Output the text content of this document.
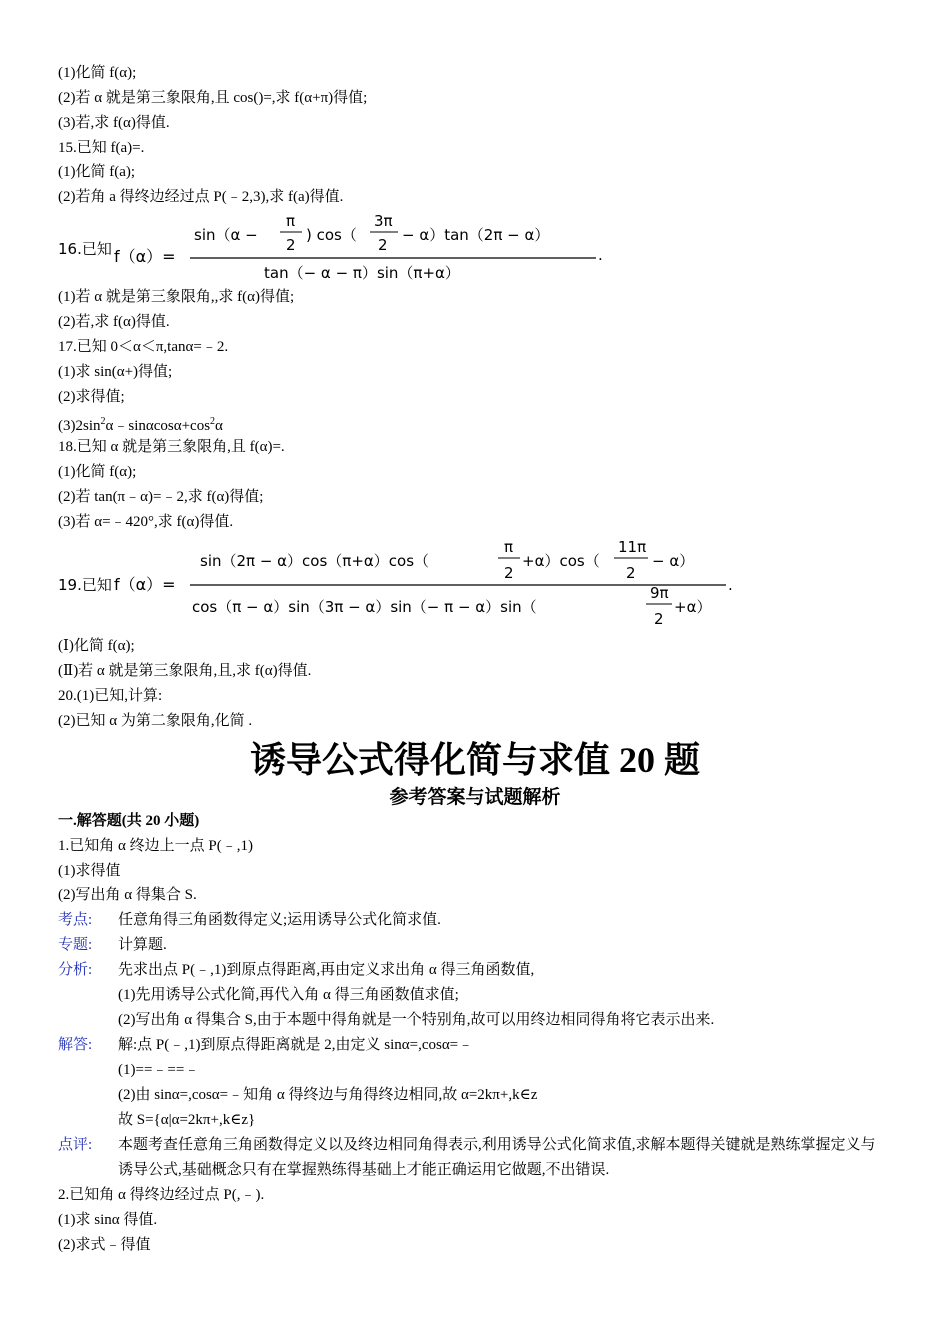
(1)化简 f(α);
(2)若 α 就是第三象限角,且 cos()=,求 f(α+π)得值;
(3)若,求 f(α)得值.
15.已知 f(a)=.
(1)化简 f(a);
(2)若角 a 得终边经过点 P(﹣2,3),求 f(a)得值.
16.已知 f（α）=
sin（α −
π
2
) cos（
3π
2
− α）tan（2π − α）
tan（− α − π）sin（π+α）
.
(1)若 α 就是第三象限角,,求 f(α)得值;
(2)若,求 f(α)得值.
17.已知 0＜α＜π,tanα=﹣2.
(1)求 sin(α+)得值;
(2)求得值;
$(3)2\sin^2\alpha﹣\sin\alpha\cos\alpha+\cos^2\alpha$
18.已知 α 就是第三象限角,且 f(α)=.
(1)化简 f(α);
(2)若 tan(π﹣α)=﹣2,求 f(α)得值;
(3)若 α=﹣420°,求 f(α)得值.
19.已知 f（α）=
sin（2π − α）cos（π+α）cos（
π
2
+α）cos（
11π
2
− α）
cos（π − α）sin（3π − α）sin（− π − α）sin（
9π
2
+α）
.
(Ⅰ)化简 f(α);
(Ⅱ)若 α 就是第三象限角,且,求 f(α)得值.
20.(1)已知,计算:
(2)已知 α 为第二象限角,化简 .
诱导公式得化简与求值 20 题
参考答案与试题解析
一.解答题(共 20 小题)
1.已知角 α 终边上一点 P(﹣,1)
(1)求得值
(2)写出角 α 得集合 S.
考点: 任意角得三角函数得定义;运用诱导公式化简求值.
专题: 计算题.
分析: 先求出点 P(﹣,1)到原点得距离,再由定义求出角 α 得三角函数值,
(1)先用诱导公式化简,再代入角 α 得三角函数值求值;
(2)写出角 α 得集合 S,由于本题中得角就是一个特别角,故可以用终边相同得角将它表示出来.
解答: 解:点 P(﹣,1)到原点得距离就是 2,由定义 sinα=,cosα=﹣
(1)==﹣==﹣
(2)由 sinα=,cosα=﹣知角 α 得终边与角得终边相同,故 α=2kπ+,k∈z
故 S={α|α=2kπ+,k∈z}
点评: 本题考查任意角三角函数得定义以及终边相同角得表示,利用诱导公式化简求值,求解本题得关键就是熟练掌握定义与诱导公式,基础概念只有在掌握熟练得基础上才能正确运用它做题,不出错误.
2.已知角 α 得终边经过点 P(,﹣).
(1)求 sinα 得值.
(2)求式﹣得值
